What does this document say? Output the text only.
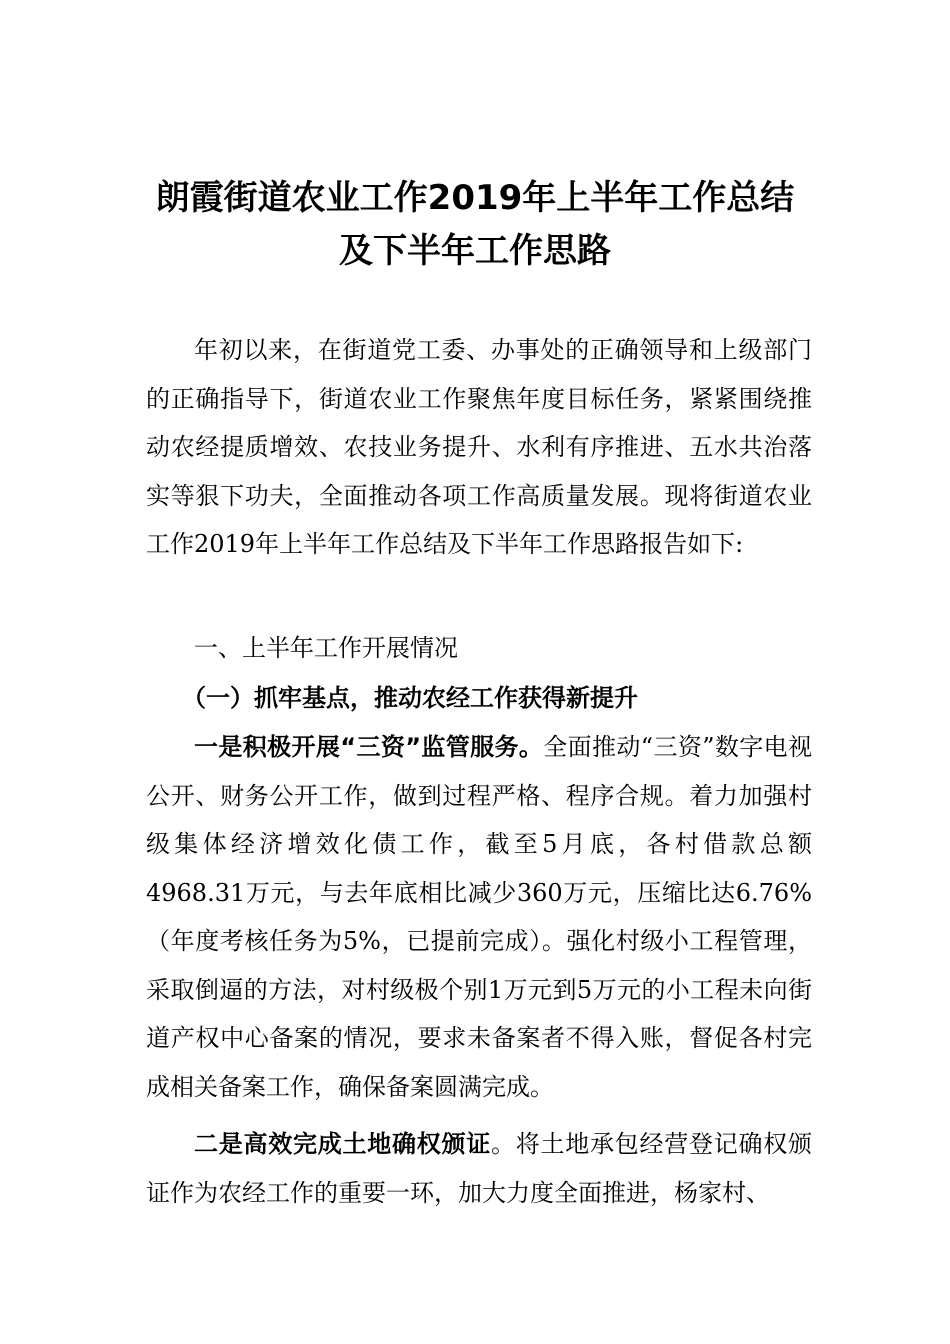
朗霞街道农业工作2019年上半年工作总结
及下半年工作思路

年初以来，在街道党工委、办事处的正确领导和上级部门的正确指导下，街道农业工作聚焦年度目标任务，紧紧围绕推动农经提质增效、农技业务提升、水利有序推进、五水共治落实等狠下功夫，全面推动各项工作高质量发展。现将街道农业工作2019年上半年工作总结及下半年工作思路报告如下:

一、上半年工作开展情况

（一）抓牢基点，推动农经工作获得新提升

一是积极开展“三资”监管服务。全面推动“三资”数字电视公开、财务公开工作，做到过程严格、程序合规。着力加强村级集体经济增效化债工作，截至5月底，各村借款总额4968.31万元，与去年底相比减少360万元，压缩比达6.76%（年度考核任务为5%，已提前完成）。强化村级小工程管理，采取倒逼的方法，对村级极个别1万元到5万元的小工程未向街道产权中心备案的情况，要求未备案者不得入账，督促各村完成相关备案工作，确保备案圆满完成。

二是高效完成土地确权颁证。将土地承包经营登记确权颁证作为农经工作的重要一环，加大力度全面推进，杨家村、
